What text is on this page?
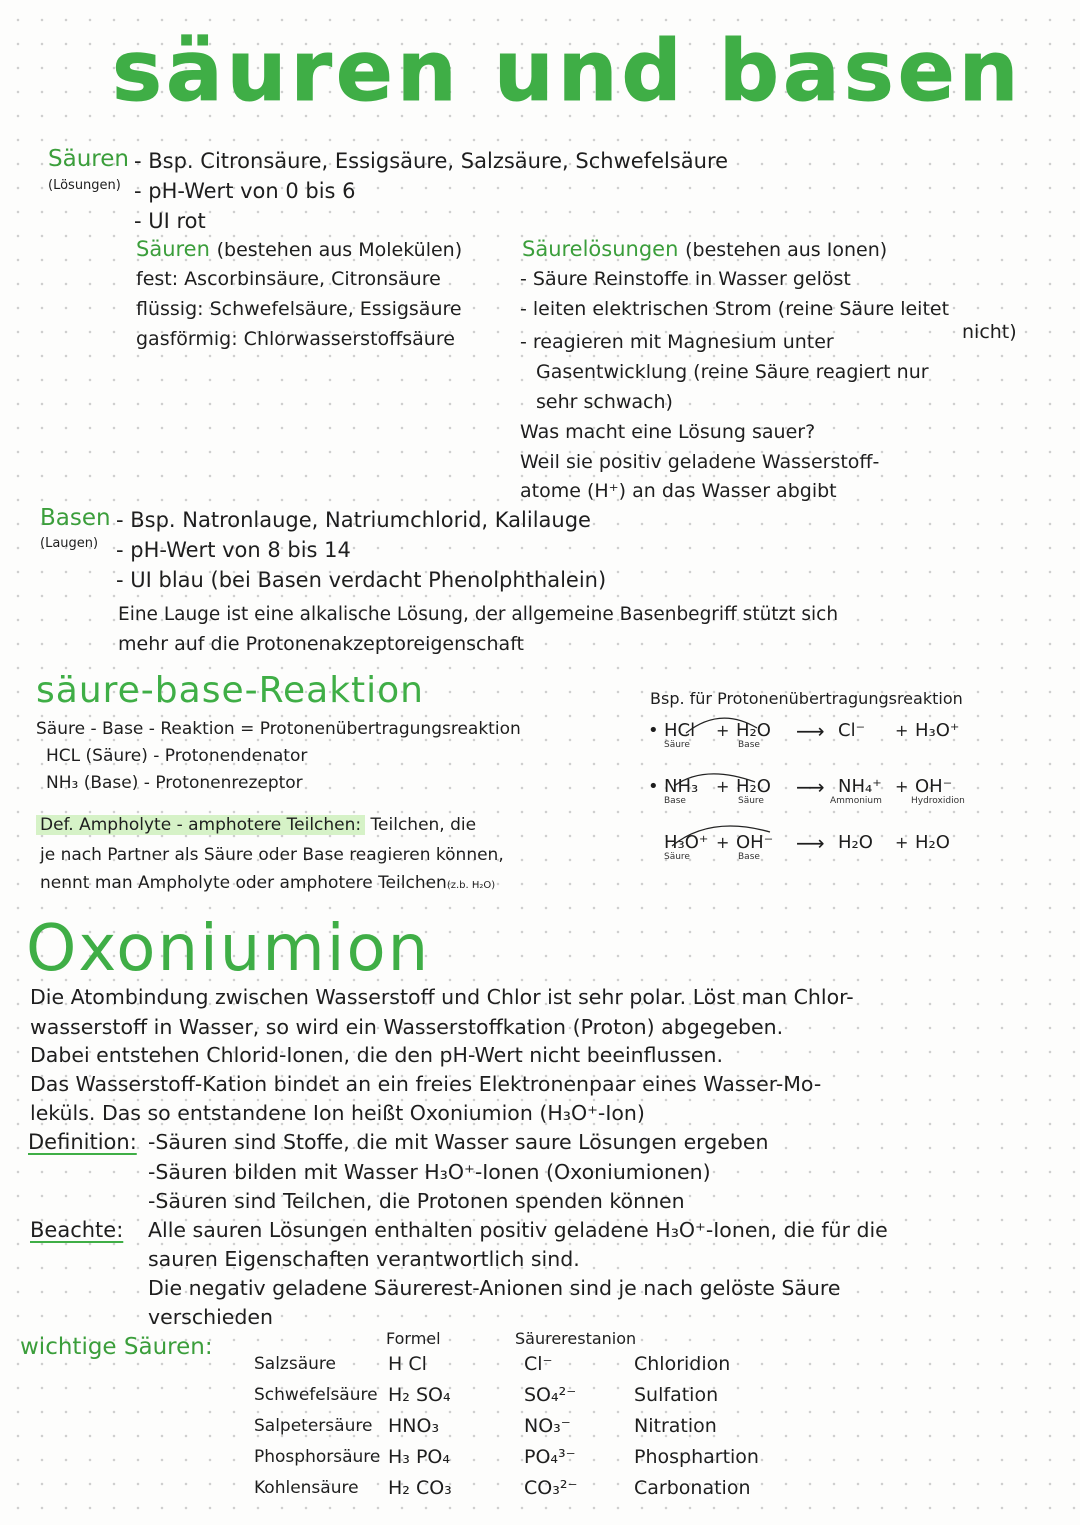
säuren und basen
Säuren
(Lösungen)
- Bsp. Citronsäure, Essigsäure, Salzsäure, Schwefelsäure
- pH-Wert von 0 bis 6
- UI rot
Säuren (bestehen aus Molekülen)
fest: Ascorbinsäure, Citronsäure
flüssig: Schwefelsäure, Essigsäure
gasförmig: Chlorwasserstoffsäure
Säurelösungen (bestehen aus Ionen)
- Säure Reinstoffe in Wasser gelöst
- leiten elektrischen Strom (reine Säure leitet
nicht)
- reagieren mit Magnesium unter
Gasentwicklung (reine Säure reagiert nur
sehr schwach)
Was macht eine Lösung sauer?
Weil sie positiv geladene Wasserstoff-
atome (H⁺) an das Wasser abgibt
Basen
(Laugen)
- Bsp. Natronlauge, Natriumchlorid, Kalilauge
- pH-Wert von 8 bis 14
- UI blau (bei Basen verdacht Phenolphthalein)
Eine Lauge ist eine alkalische Lösung, der allgemeine Basenbegriff stützt sich
mehr auf die Protonenakzeptoreigenschaft
säure-base-Reaktion
Säure - Base - Reaktion = Protonenübertragungsreaktion
HCL (Säure) - Protonendenator
NH₃ (Base) - Protonenrezeptor
Def. Ampholyte - amphotere Teilchen: Teilchen, die
je nach Partner als Säure oder Base reagieren können,
nennt man Ampholyte oder amphotere Teilchen(z.b. H₂O)
Bsp. für Protonenübertragungsreaktion
• HCl
Säure
+ H₂O
Base
⟶ Cl⁻ + H₃O⁺
• NH₃
Base
+ H₂O
Säure
⟶ NH₄⁺
Ammonium
+ OH⁻
Hydroxidion
H₃O⁺
Säure
+ OH⁻
Base
⟶ H₂O + H₂O
Oxoniumion
Die Atombindung zwischen Wasserstoff und Chlor ist sehr polar. Löst man Chlor-
wasserstoff in Wasser, so wird ein Wasserstoffkation (Proton) abgegeben.
Dabei entstehen Chlorid-Ionen, die den pH-Wert nicht beeinflussen.
Das Wasserstoff-Kation bindet an ein freies Elektronenpaar eines Wasser-Mo-
leküls. Das so entstandene Ion heißt Oxoniumion (H₃O⁺-Ion)
Definition: -Säuren sind Stoffe, die mit Wasser saure Lösungen ergeben
-Säuren bilden mit Wasser H₃O⁺-Ionen (Oxoniumionen)
-Säuren sind Teilchen, die Protonen spenden können
Beachte: Alle sauren Lösungen enthalten positiv geladene H₃O⁺-Ionen, die für die
sauren Eigenschaften verantwortlich sind.
Die negativ geladene Säurerest-Anionen sind je nach gelöste Säure
verschieden
wichtige Säuren:	Formel	Säurerestanion
Salzsäure	H Cl	Cl⁻	Chloridion
Schwefelsäure H₂ SO₄	SO₄²⁻	Sulfation
Salpetersäure HNO₃	NO₃⁻	Nitration
Phosphorsäure H₃ PO₄	PO₄³⁻	Phosphartion
Kohlensäure H₂ CO₃	CO₃²⁻	Carbonation
